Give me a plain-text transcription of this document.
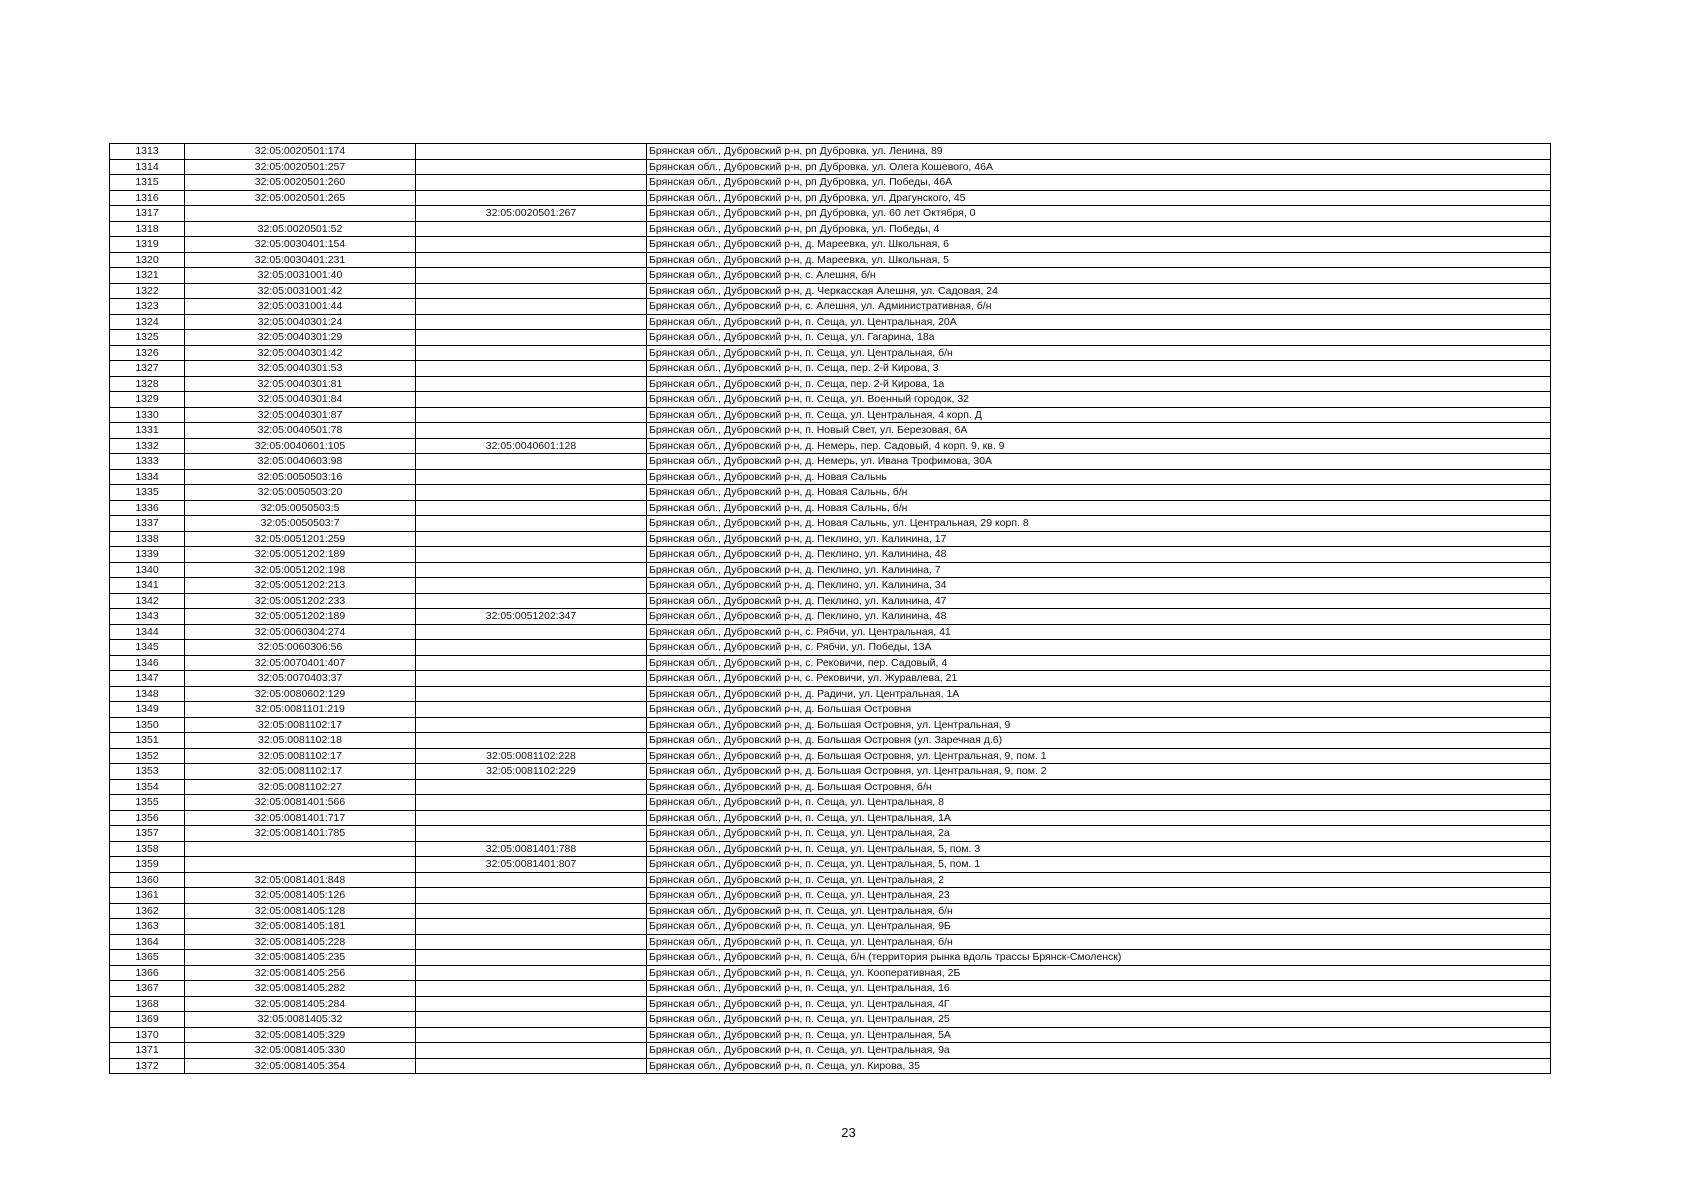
1313	32:05:0020501:174		Брянская обл., Дубровский р-н, рп Дубровка, ул. Ленина, 89
1314	32:05:0020501:257		Брянская обл., Дубровский р-н, рп Дубровка, ул. Олега Кошевого, 46А
1315	32:05:0020501:260		Брянская обл., Дубровский р-н, рп Дубровка, ул. Победы, 46А
1316	32:05:0020501:265		Брянская обл., Дубровский р-н, рп Дубровка, ул. Драгунского, 45
1317		32:05:0020501:267	Брянская обл., Дубровский р-н, рп Дубровка, ул. 60 лет Октября, 0
1318	32:05:0020501:52		Брянская обл., Дубровский р-н, рп Дубровка, ул. Победы, 4
1319	32:05:0030401:154		Брянская обл., Дубровский р-н, д. Мареевка, ул. Школьная, 6
1320	32:05:0030401:231		Брянская обл., Дубровский р-н, д. Мареевка, ул. Школьная, 5
1321	32:05:0031001:40		Брянская обл., Дубровский р-н, с. Алешня, б/н
1322	32:05:0031001:42		Брянская обл., Дубровский р-н, д. Черкасская Алешня, ул. Садовая, 24
1323	32:05:0031001:44		Брянская обл., Дубровский р-н, с. Алешня, ул. Административная, б/н
1324	32:05:0040301:24		Брянская обл., Дубровский р-н, п. Сеща, ул. Центральная, 20А
1325	32:05:0040301:29		Брянская обл., Дубровский р-н, п. Сеща, ул. Гагарина, 18а
1326	32:05:0040301:42		Брянская обл., Дубровский р-н, п. Сеща, ул. Центральная, б/н
1327	32:05:0040301:53		Брянская обл., Дубровский р-н, п. Сеща, пер. 2-й Кирова, 3
1328	32:05:0040301:81		Брянская обл., Дубровский р-н, п. Сеща, пер. 2-й Кирова, 1а
1329	32:05:0040301:84		Брянская обл., Дубровский р-н, п. Сеща, ул. Военный городок, 32
1330	32:05:0040301:87		Брянская обл., Дубровский р-н, п. Сеща, ул. Центральная, 4 корп. Д
1331	32:05:0040501:78		Брянская обл., Дубровский р-н, п. Новый Свет, ул. Березовая, 6А
1332	32:05:0040601:105	32:05:0040601:128	Брянская обл., Дубровский р-н, д. Немерь, пер. Садовый, 4 корп. 9, кв. 9
1333	32:05:0040603:98		Брянская обл., Дубровский р-н, д. Немерь, ул. Ивана Трофимова, 30А
1334	32:05:0050503:16		Брянская обл., Дубровский р-н, д. Новая Сальнь
1335	32:05:0050503:20		Брянская обл., Дубровский р-н, д. Новая Сальнь, б/н
1336	32:05:0050503:5		Брянская обл., Дубровский р-н, д. Новая Сальнь, б/н
1337	32:05:0050503:7		Брянская обл., Дубровский р-н, д. Новая Сальнь, ул. Центральная, 29 корп. 8
1338	32:05:0051201:259		Брянская обл., Дубровский р-н, д. Пеклино, ул. Калинина, 17
1339	32:05:0051202:189		Брянская обл., Дубровский р-н, д. Пеклино, ул. Калинина, 48
1340	32:05:0051202:198		Брянская обл., Дубровский р-н, д. Пеклино, ул. Калинина, 7
1341	32:05:0051202:213		Брянская обл., Дубровский р-н, д. Пеклино, ул. Калинина, 34
1342	32:05:0051202:233		Брянская обл., Дубровский р-н, д. Пеклино, ул. Калинина, 47
1343	32:05:0051202:189	32:05:0051202:347	Брянская обл., Дубровский р-н, д. Пеклино, ул. Калинина, 48
1344	32:05:0060304:274		Брянская обл., Дубровский р-н, с. Рябчи, ул. Центральная, 41
1345	32:05:0060306:56		Брянская обл., Дубровский р-н, с. Рябчи, ул. Победы, 13А
1346	32:05:0070401:407		Брянская обл., Дубровский р-н, с. Рековичи, пер. Садовый, 4
1347	32:05:0070403:37		Брянская обл., Дубровский р-н, с. Рековичи, ул. Журавлева, 21
1348	32:05:0080602:129		Брянская обл., Дубровский р-н, д. Радичи, ул. Центральная, 1А
1349	32:05:0081101:219		Брянская обл., Дубровский р-н, д. Большая Островня
1350	32:05:0081102:17		Брянская обл., Дубровский р-н, д. Большая Островня, ул. Центральная, 9
1351	32:05:0081102:18		Брянская обл., Дубровский р-н, д. Большая Островня (ул. Заречная д.6)
1352	32:05:0081102:17	32:05:0081102:228	Брянская обл., Дубровский р-н, д. Большая Островня, ул. Центральная, 9, пом. 1
1353	32:05:0081102:17	32:05:0081102:229	Брянская обл., Дубровский р-н, д. Большая Островня, ул. Центральная, 9, пом. 2
1354	32:05:0081102:27		Брянская обл., Дубровский р-н, д. Большая Островня, б/н
1355	32:05:0081401:566		Брянская обл., Дубровский р-н, п. Сеща, ул. Центральная, 8
1356	32:05:0081401:717		Брянская обл., Дубровский р-н, п. Сеща, ул. Центральная, 1А
1357	32:05:0081401:785		Брянская обл., Дубровский р-н, п. Сеща, ул. Центральная, 2а
1358		32:05:0081401:788	Брянская обл., Дубровский р-н, п. Сеща, ул. Центральная, 5, пом. 3
1359		32:05:0081401:807	Брянская обл., Дубровский р-н, п. Сеща, ул. Центральная, 5, пом. 1
1360	32:05:0081401:848		Брянская обл., Дубровский р-н, п. Сеща, ул. Центральная, 2
1361	32:05:0081405:126		Брянская обл., Дубровский р-н, п. Сеща, ул. Центральная, 23
1362	32:05:0081405:128		Брянская обл., Дубровский р-н, п. Сеща, ул. Центральная, б/н
1363	32:05:0081405:181		Брянская обл., Дубровский р-н, п. Сеща, ул. Центральная, 9Б
1364	32:05:0081405:228		Брянская обл., Дубровский р-н, п. Сеща, ул. Центральная, б/н
1365	32:05:0081405:235		Брянская обл., Дубровский р-н, п. Сеща, б/н (территория рынка вдоль трассы Брянск-Смоленск)
1366	32:05:0081405:256		Брянская обл., Дубровский р-н, п. Сеща, ул. Кооперативная, 2Б
1367	32:05:0081405:282		Брянская обл., Дубровский р-н, п. Сеща, ул. Центральная, 16
1368	32:05:0081405:284		Брянская обл., Дубровский р-н, п. Сеща, ул. Центральная, 4Г
1369	32:05:0081405:32		Брянская обл., Дубровский р-н, п. Сеща, ул. Центральная, 25
1370	32:05:0081405:329		Брянская обл., Дубровский р-н, п. Сеща, ул. Центральная, 5А
1371	32:05:0081405:330		Брянская обл., Дубровский р-н, п. Сеща, ул. Центральная, 9а
1372	32:05:0081405:354		Брянская обл., Дубровский р-н, п. Сеща, ул. Кирова, 35
23
